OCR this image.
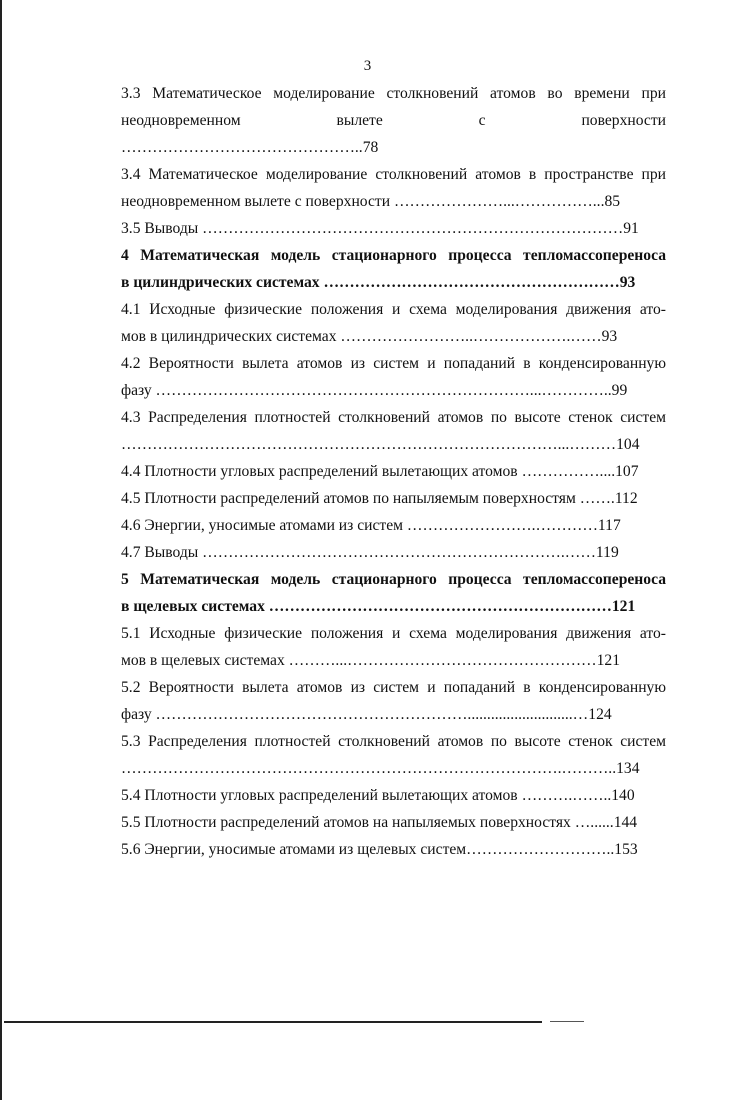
3
3.3 Математическое моделирование столкновений атомов во времени при
неодновременном вылете с поверхности
………………………………………..78
3.4 Математическое моделирование столкновений атомов в пространстве при
неодновременном вылете с поверхности …………………...……………...85
3.5 Выводы ………………………………………………………………………91
4 Математическая модель стационарного процесса тепломассопереноса
в цилиндрических системах …………………………………………………93
4.1 Исходные физические положения и схема моделирования движения ато-
мов в цилиндрических системах ……………………..……………….……93
4.2 Вероятности вылета атомов из систем и попаданий в конденсированную
фазу ………………………………………………………………...…………..99
4.3 Распределения плотностей столкновений атомов по высоте стенок систем
…………………………………………………………………………...………104
4.4 Плотности угловых распределений вылетающих атомов ……………....107
4.5 Плотности распределений атомов по напыляемым поверхностям …….112
4.6 Энергии, уносимые атомами из систем …………………….…………117
4.7 Выводы …………………………………………………………….……119
5 Математическая модель стационарного процесса тепломассопереноса
в щелевых системах …………………………………………………………121
5.1 Исходные физические положения и схема моделирования движения ато-
мов в щелевых системах ………...…………………………………………121
5.2 Вероятности вылета атомов из систем и попаданий в конденсированную
фазу ……………………………………………………...........................…124
5.3 Распределения плотностей столкновений атомов по высоте стенок систем
………………………………………………………………………….………..134
5.4 Плотности угловых распределений вылетающих атомов ……….……..140
5.5 Плотности распределений атомов на напыляемых поверхностях …......144
5.6 Энергии, уносимые атомами из щелевых систем………………………..153
